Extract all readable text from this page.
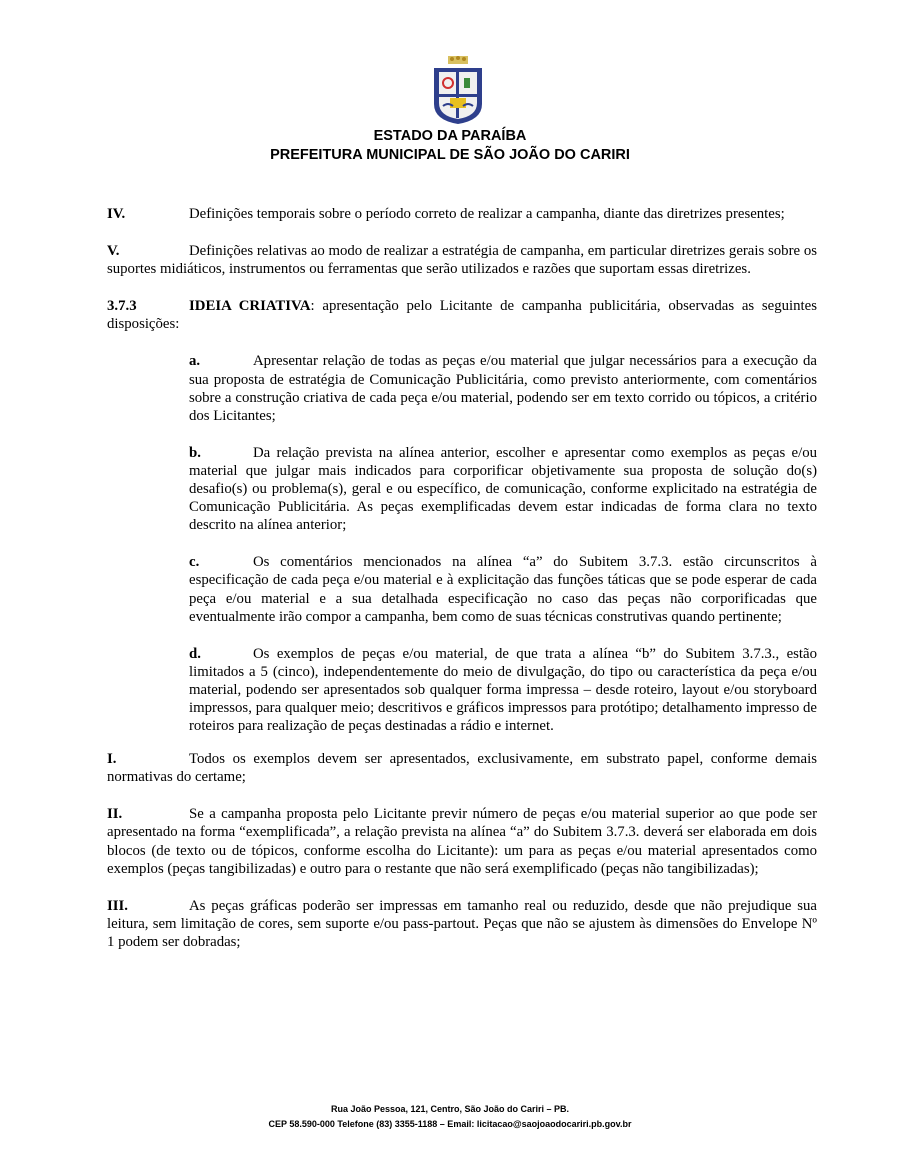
ESTADO DA PARAÍBA
PREFEITURA MUNICIPAL DE SÃO JOÃO DO CARIRI

IV.	Definições temporais sobre o período correto de realizar a campanha, diante das diretrizes presentes;

V.	Definições relativas ao modo de realizar a estratégia de campanha, em particular diretrizes gerais sobre os suportes midiáticos, instrumentos ou ferramentas que serão utilizados e razões que suportam essas diretrizes.

3.7.3	IDEIA CRIATIVA: apresentação pelo Licitante de campanha publicitária, observadas as seguintes disposições:

a.	Apresentar relação de todas as peças e/ou material que julgar necessários para a execução da sua proposta de estratégia de Comunicação Publicitária, como previsto anteriormente, com comentários sobre a construção criativa de cada peça e/ou material, podendo ser em texto corrido ou tópicos, a critério dos Licitantes;

b.	Da relação prevista na alínea anterior, escolher e apresentar como exemplos as peças e/ou material que julgar mais indicados para corporificar objetivamente sua proposta de solução do(s) desafio(s) ou problema(s), geral e ou específico, de comunicação, conforme explicitado na estratégia de Comunicação Publicitária. As peças exemplificadas devem estar indicadas de forma clara no texto descrito na alínea anterior;

c.	Os comentários mencionados na alínea “a” do Subitem 3.7.3. estão circunscritos à especificação de cada peça e/ou material e à explicitação das funções táticas que se pode esperar de cada peça e/ou material e a sua detalhada especificação no caso das peças não corporificadas que eventualmente irão compor a campanha, bem como de suas técnicas construtivas quando pertinente;

d.	Os exemplos de peças e/ou material, de que trata a alínea “b” do Subitem 3.7.3., estão limitados a 5 (cinco), independentemente do meio de divulgação, do tipo ou característica da peça e/ou material, podendo ser apresentados sob qualquer forma impressa – desde roteiro, layout e/ou storyboard impressos, para qualquer meio; descritivos e gráficos impressos para protótipo; detalhamento impresso de roteiros para realização de peças destinadas a rádio e internet.

I.	Todos os exemplos devem ser apresentados, exclusivamente, em substrato papel, conforme demais normativas do certame;

II.	Se a campanha proposta pelo Licitante previr número de peças e/ou material superior ao que pode ser apresentado na forma “exemplificada”, a relação prevista na alínea “a” do Subitem 3.7.3. deverá ser elaborada em dois blocos (de texto ou de tópicos, conforme escolha do Licitante): um para as peças e/ou material apresentados como exemplos (peças tangibilizadas) e outro para o restante que não será exemplificado (peças não tangibilizadas);

III.	As peças gráficas poderão ser impressas em tamanho real ou reduzido, desde que não prejudique sua leitura, sem limitação de cores, sem suporte e/ou pass-partout. Peças que não se ajustem às dimensões do Envelope Nº 1 podem ser dobradas;

Rua João Pessoa, 121, Centro, São João do Cariri – PB.
CEP 58.590-000 Telefone (83) 3355-1188 – Email: licitacao@saojoaodocariri.pb.gov.br
